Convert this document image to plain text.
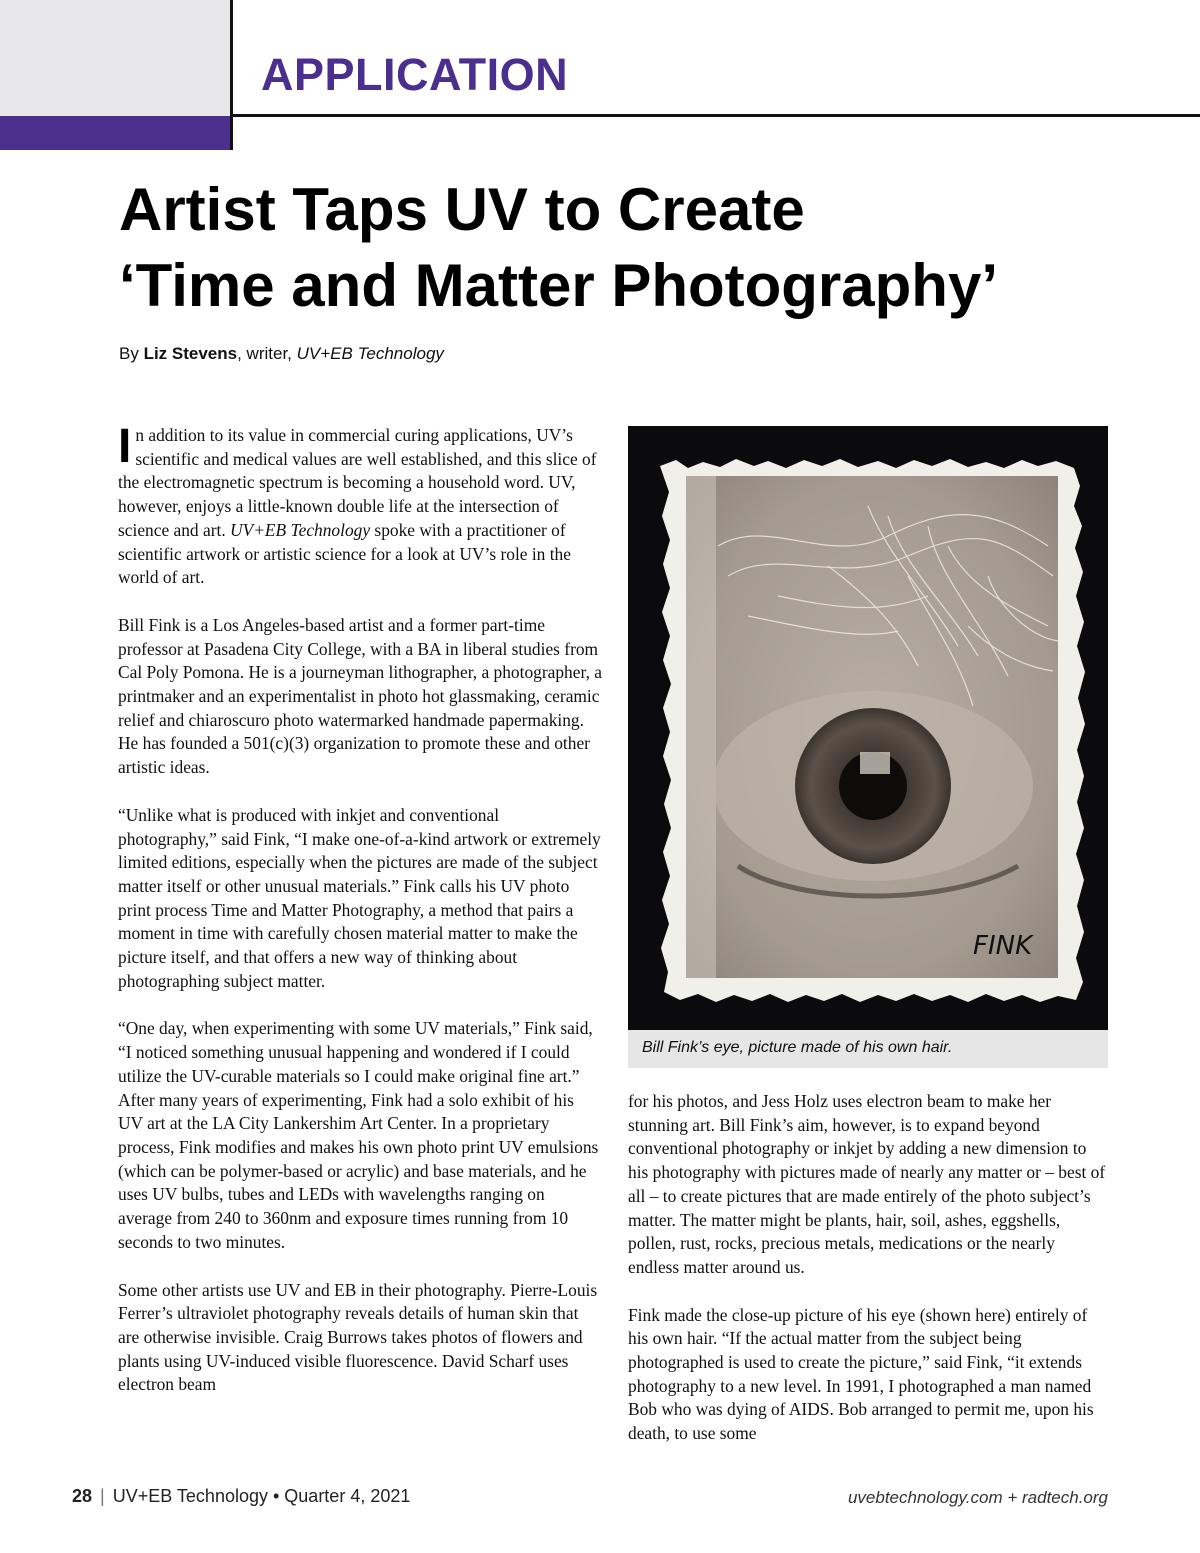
APPLICATION
Artist Taps UV to Create
‘Time and Matter Photography’
By Liz Stevens, writer, UV+EB Technology

In addition to its value in commercial curing applications, UV’s scientific and medical values are well established, and this slice of the electromagnetic spectrum is becoming a household word. UV, however, enjoys a little-known double life at the intersection of science and art. UV+EB Technology spoke with a practitioner of scientific artwork or artistic science for a look at UV’s role in the world of art.

Bill Fink is a Los Angeles-based artist and a former part-time professor at Pasadena City College, with a BA in liberal studies from Cal Poly Pomona. He is a journeyman lithographer, a photographer, a printmaker and an experimentalist in photo hot glassmaking, ceramic relief and chiaroscuro photo watermarked handmade papermaking. He has founded a 501(c)(3) organization to promote these and other artistic ideas.

“Unlike what is produced with inkjet and conventional photography,” said Fink, “I make one-of-a-kind artwork or extremely limited editions, especially when the pictures are made of the subject matter itself or other unusual materials.” Fink calls his UV photo print process Time and Matter Photography, a method that pairs a moment in time with carefully chosen material matter to make the picture itself, and that offers a new way of thinking about photographing subject matter.

“One day, when experimenting with some UV materials,” Fink said, “I noticed something unusual happening and wondered if I could utilize the UV-curable materials so I could make original fine art.” After many years of experimenting, Fink had a solo exhibit of his UV art at the LA City Lankershim Art Center. In a proprietary process, Fink modifies and makes his own photo print UV emulsions (which can be polymer-based or acrylic) and base materials, and he uses UV bulbs, tubes and LEDs with wavelengths ranging on average from 240 to 360nm and exposure times running from 10 seconds to two minutes.

Some other artists use UV and EB in their photography. Pierre-Louis Ferrer’s ultraviolet photography reveals details of human skin that are otherwise invisible. Craig Burrows takes photos of flowers and plants using UV-induced visible fluorescence. David Scharf uses electron beam

FINK
Bill Fink’s eye, picture made of his own hair.

for his photos, and Jess Holz uses electron beam to make her stunning art. Bill Fink’s aim, however, is to expand beyond conventional photography or inkjet by adding a new dimension to his photography with pictures made of nearly any matter or – best of all – to create pictures that are made entirely of the photo subject’s matter. The matter might be plants, hair, soil, ashes, eggshells, pollen, rust, rocks, precious metals, medications or the nearly endless matter around us.

Fink made the close-up picture of his eye (shown here) entirely of his own hair. “If the actual matter from the subject being photographed is used to create the picture,” said Fink, “it extends photography to a new level. In 1991, I photographed a man named Bob who was dying of AIDS. Bob arranged to permit me, upon his death, to use some

28 | UV+EB Technology • Quarter 4, 2021	uvebtechnology.com + radtech.org
